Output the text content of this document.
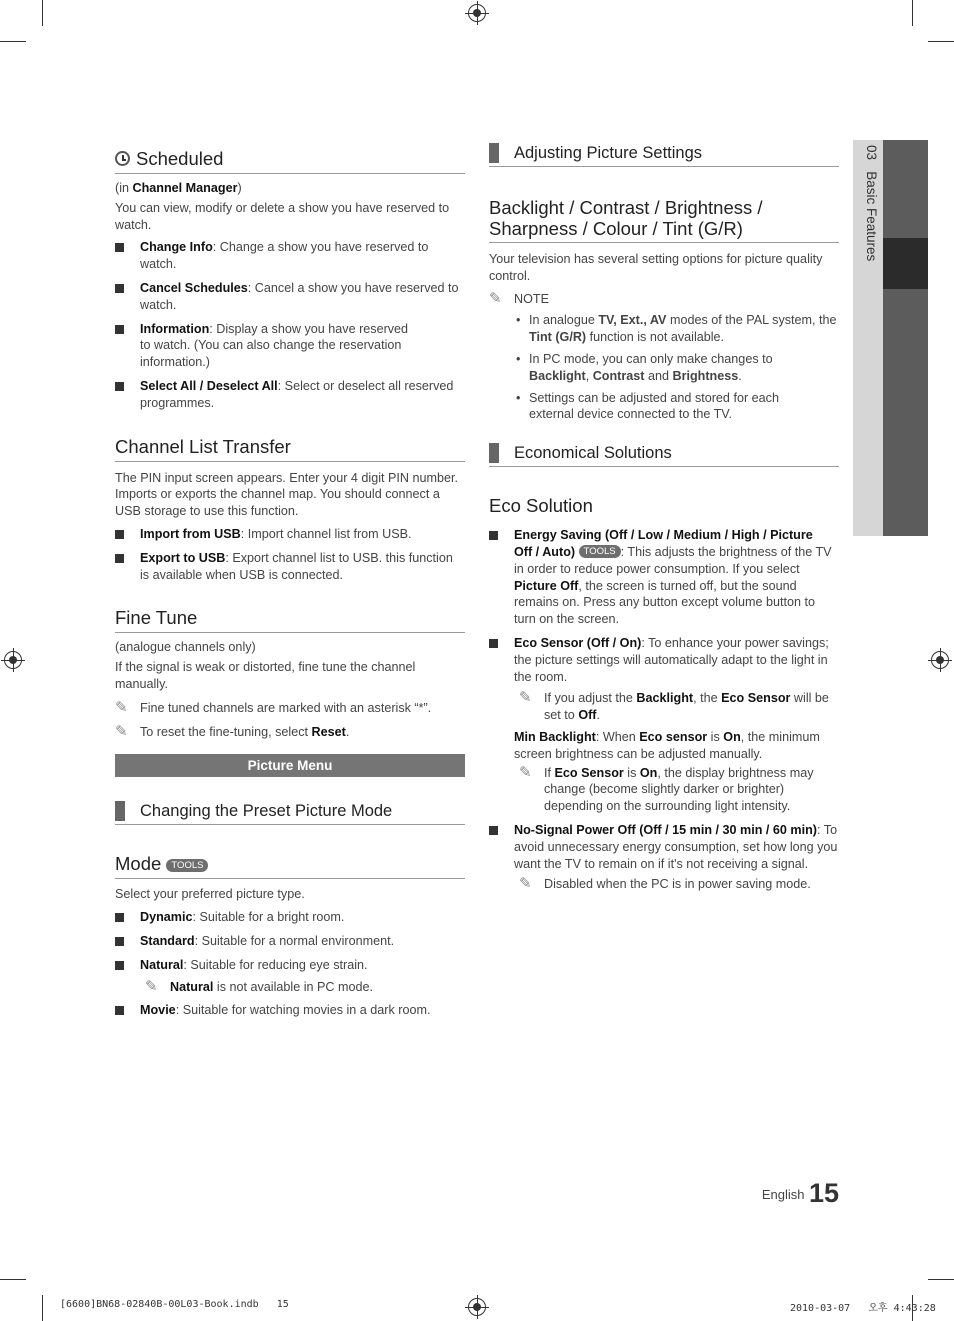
03   Basic Features
Scheduled

(in Channel Manager)

You can view, modify or delete a show you have reserved to watch.

Change Info: Change a show you have reserved to watch.
Cancel Schedules: Cancel a show you have reserved to watch.
Information: Display a show you have reserved to watch. (You can also change the reservation information.)
Select All / Deselect All: Select or deselect all reserved programmes.
Channel List Transfer

The PIN input screen appears. Enter your 4 digit PIN number. Imports or exports the channel map. You should connect a USB storage to use this function.

Import from USB: Import channel list from USB.
Export to USB: Export channel list to USB. this function is available when USB is connected.
Fine Tune

(analogue channels only)

If the signal is weak or distorted, fine tune the channel manually.

✎ Fine tuned channels are marked with an asterisk “*”.
✎ To reset the fine-tuning, select Reset.
Picture Menu
Changing the Preset Picture Mode
Mode TOOLS

Select your preferred picture type.

Dynamic: Suitable for a bright room.
Standard: Suitable for a normal environment.
Natural: Suitable for reducing eye strain.
✎ Natural is not available in PC mode.
Movie: Suitable for watching movies in a dark room.
Adjusting Picture Settings
Backlight / Contrast / Brightness / Sharpness / Colour / Tint (G/R)

Your television has several setting options for picture quality control.

✎ NOTE
• In analogue TV, Ext., AV modes of the PAL system, the Tint (G/R) function is not available.
• In PC mode, you can only make changes to Backlight, Contrast and Brightness.
• Settings can be adjusted and stored for each external device connected to the TV.
Economical Solutions
Eco Solution
Energy Saving (Off / Low / Medium / High / Picture Off / Auto) TOOLS : This adjusts the brightness of the TV in order to reduce power consumption. If you select Picture Off, the screen is turned off, but the sound remains on. Press any button except volume button to turn on the screen.
Eco Sensor (Off / On): To enhance your power savings; the picture settings will automatically adapt to the light in the room.
✎ If you adjust the Backlight, the Eco Sensor will be set to Off.

Min Backlight: When Eco sensor is On, the minimum screen brightness can be adjusted manually.

✎ If Eco Sensor is On, the display brightness may change (become slightly darker or brighter) depending on the surrounding light intensity.
No-Signal Power Off (Off / 15 min / 30 min / 60 min): To avoid unnecessary energy consumption, set how long you want the TV to remain on if it's not receiving a signal.
✎ Disabled when the PC is in power saving mode.
English 15
[6600]BN68-02840B-00L03-Book.indb   15	2010-03-07   오후 4:43:28
